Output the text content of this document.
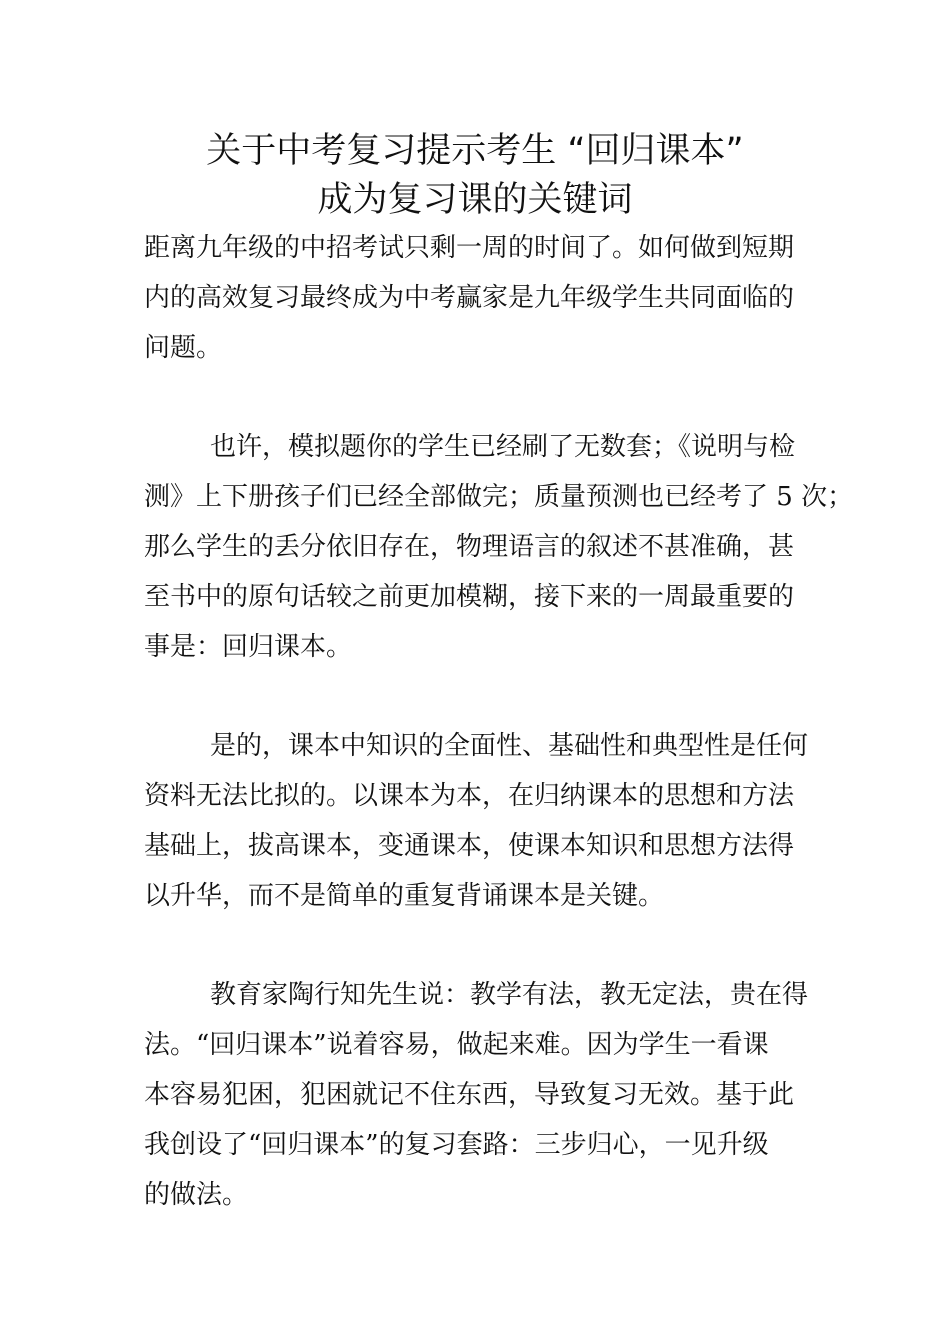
关于中考复习提示考生 “回归课本”
成为复习课的关键词
距离九年级的中招考试只剩一周的时间了。如何做到短期
内的高效复习最终成为中考赢家是九年级学生共同面临的
问题。
也许，模拟题你的学生已经刷了无数套；《说明与检
测》上下册孩子们已经全部做完；质量预测也已经考了 5 次；
那么学生的丢分依旧存在，物理语言的叙述不甚准确，甚
至书中的原句话较之前更加模糊，接下来的一周最重要的
事是：回归课本。
是的，课本中知识的全面性、基础性和典型性是任何
资料无法比拟的。以课本为本，在归纳课本的思想和方法
基础上，拔高课本，变通课本，使课本知识和思想方法得
以升华，而不是简单的重复背诵课本是关键。
教育家陶行知先生说：教学有法，教无定法，贵在得
法。“回归课本”说着容易，做起来难。因为学生一看课
本容易犯困，犯困就记不住东西，导致复习无效。基于此
我创设了“回归课本”的复习套路：三步归心，一见升级
的做法。
